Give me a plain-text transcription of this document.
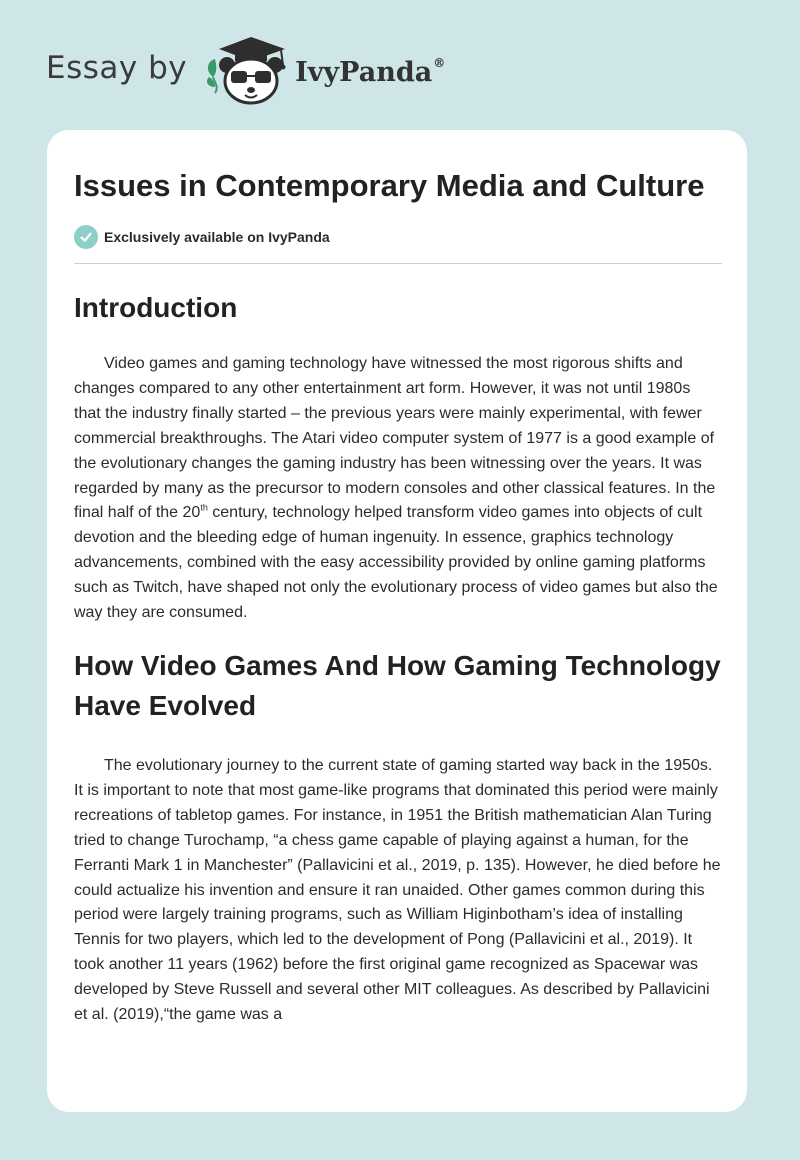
Essay by	IvyPanda®
Issues in Contemporary Media and Culture
Exclusively available on IvyPanda
Introduction

Video games and gaming technology have witnessed the most rigorous shifts and changes compared to any other entertainment art form. However, it was not until 1980s that the industry finally started – the previous years were mainly experimental, with fewer commercial breakthroughs. The Atari video computer system of 1977 is a good example of the evolutionary changes the gaming industry has been witnessing over the years. It was regarded by many as the precursor to modern consoles and other classical features. In the final half of the 20th century, technology helped transform video games into objects of cult devotion and the bleeding edge of human ingenuity. In essence, graphics technology advancements, combined with the easy accessibility provided by online gaming platforms such as Twitch, have shaped not only the evolutionary process of video games but also the way they are consumed.

How Video Games And How Gaming Technology Have Evolved

The evolutionary journey to the current state of gaming started way back in the 1950s. It is important to note that most game-like programs that dominated this period were mainly recreations of tabletop games. For instance, in 1951 the British mathematician Alan Turing tried to change Turochamp, “a chess game capable of playing against a human, for the Ferranti Mark 1 in Manchester” (Pallavicini et al., 2019, p. 135). However, he died before he could actualize his invention and ensure it ran unaided. Other games common during this period were largely training programs, such as William Higinbotham’s idea of installing Tennis for two players, which led to the development of Pong (Pallavicini et al., 2019). It took another 11 years (1962) before the first original game recognized as Spacewar was developed by Steve Russell and several other MIT colleagues. As described by Pallavicini et al. (2019),“the game was a
